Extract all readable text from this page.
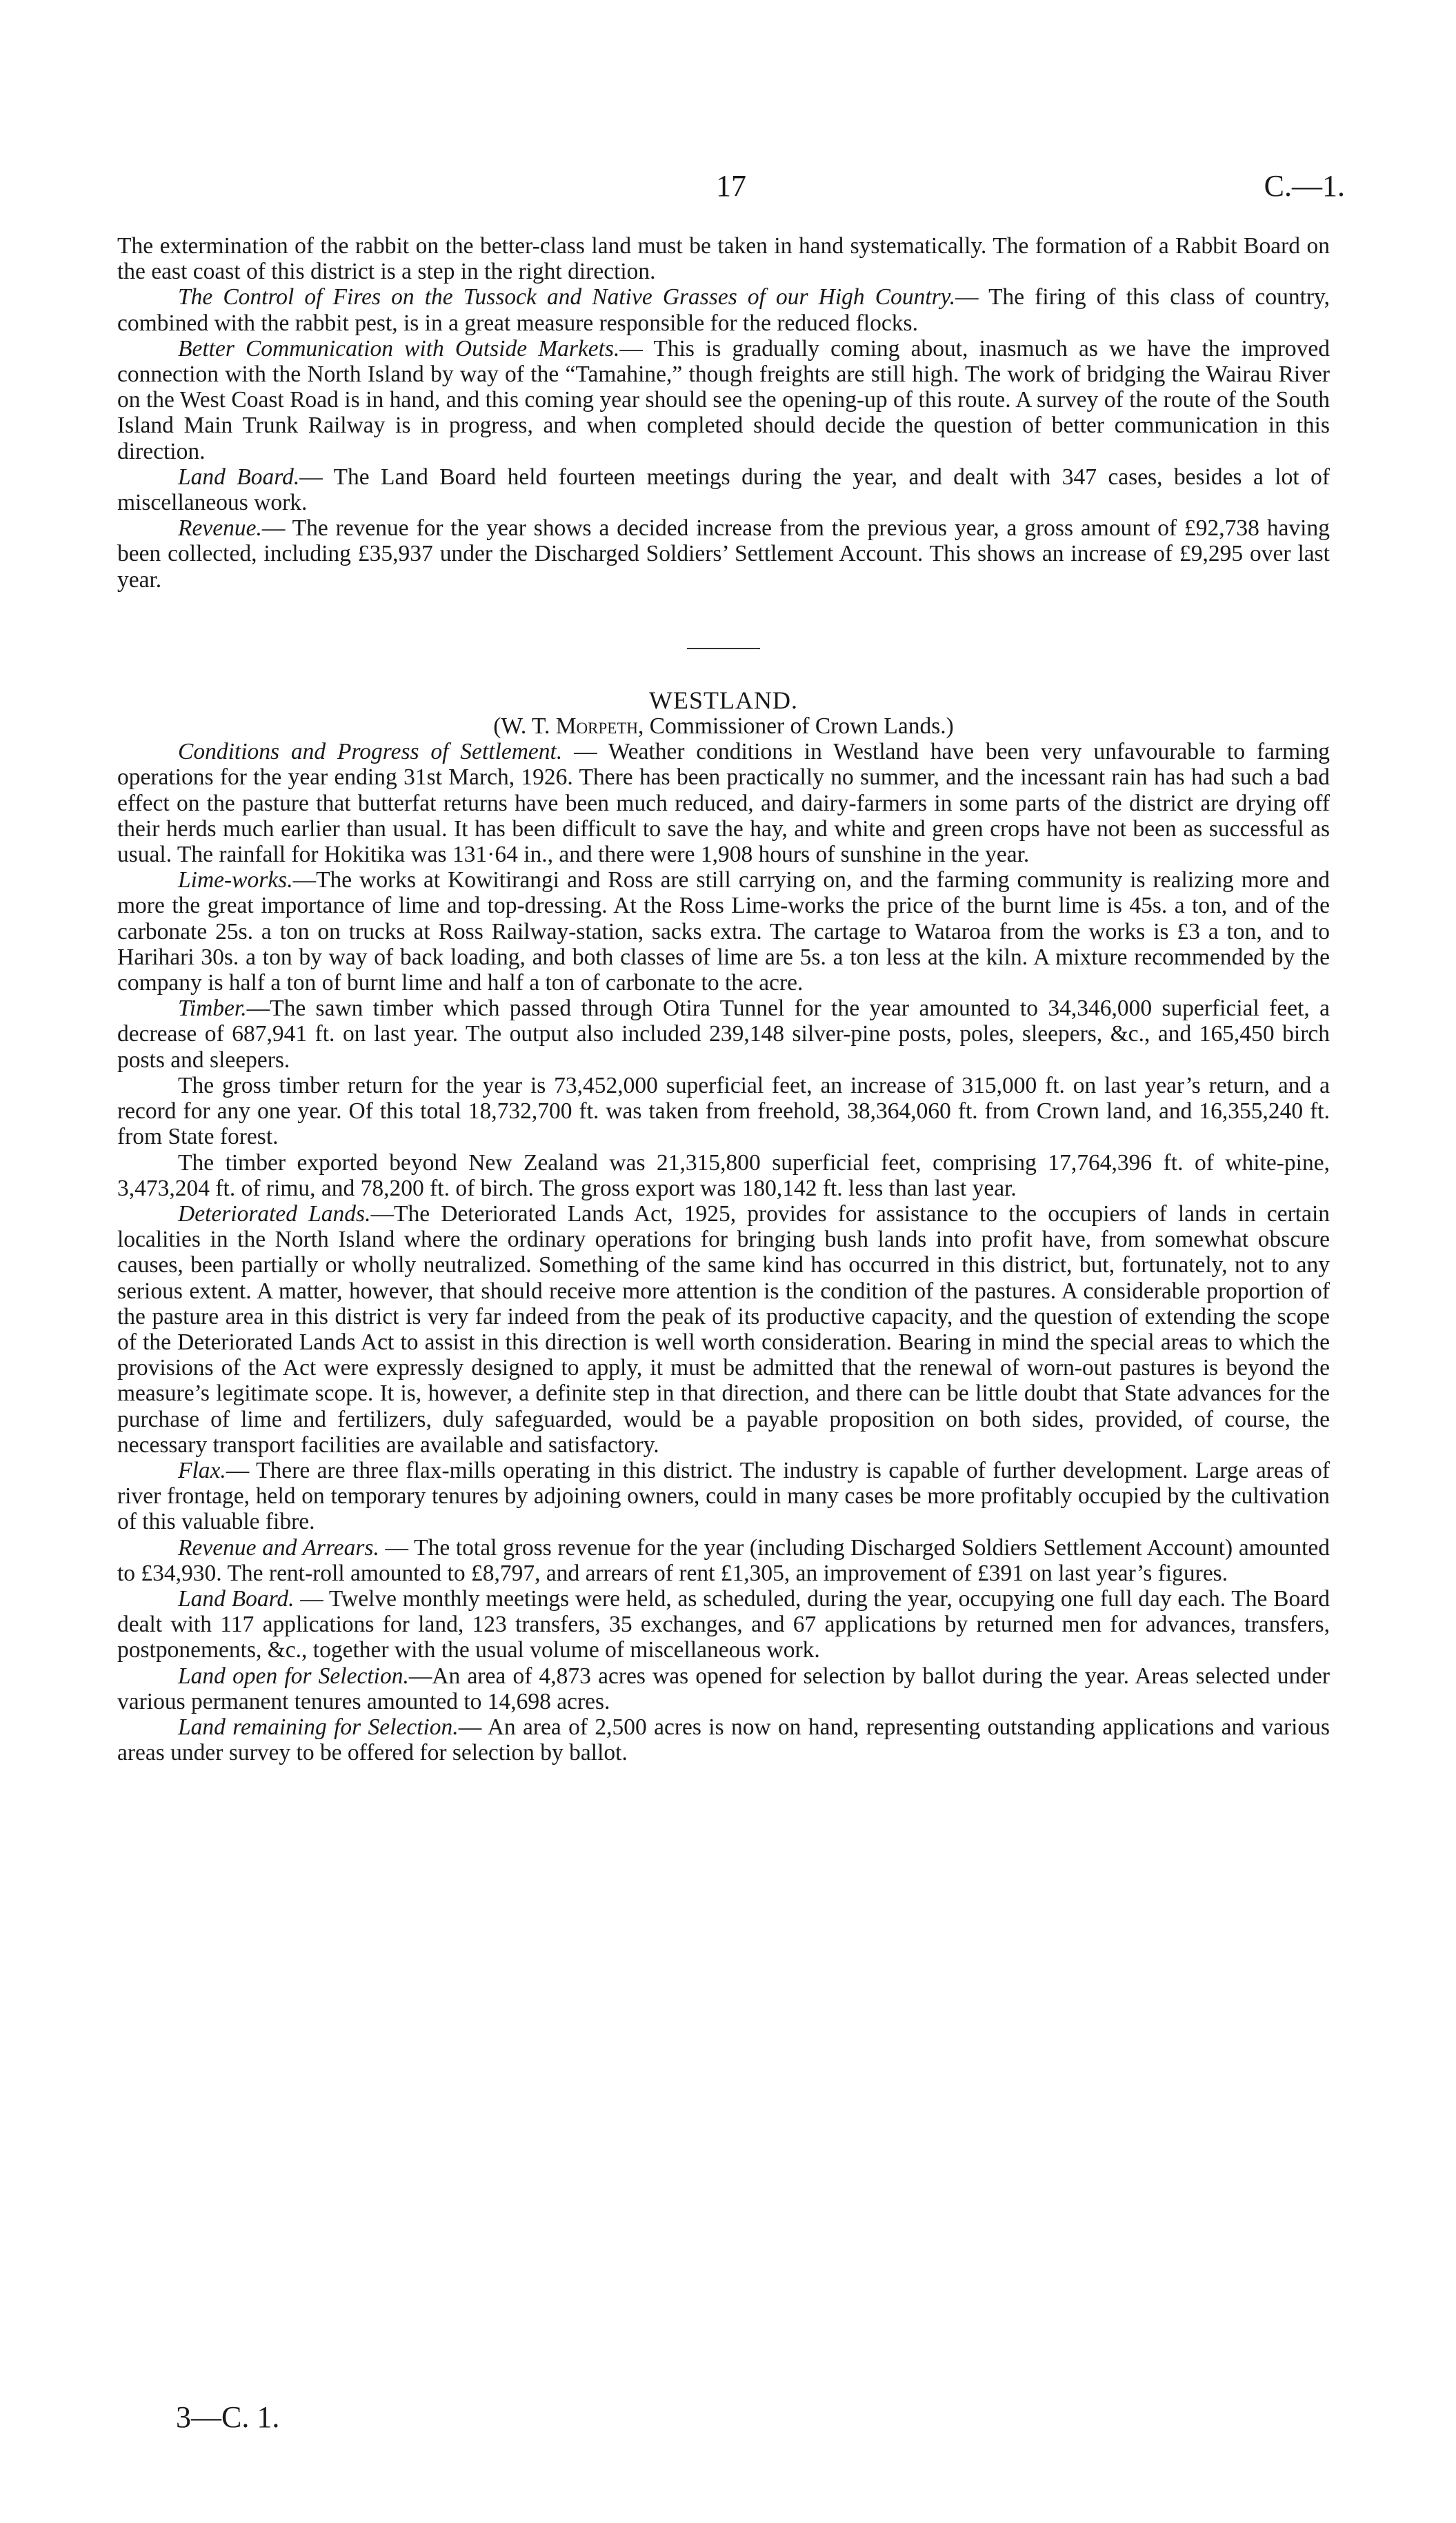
17	C.—1.

The extermination of the rabbit on the better-class land must be taken in hand systematically. The formation of a Rabbit Board on the east coast of this district is a step in the right direction.

The Control of Fires on the Tussock and Native Grasses of our High Country.— The firing of this class of country, combined with the rabbit pest, is in a great measure responsible for the reduced flocks.

Better Communication with Outside Markets.— This is gradually coming about, inasmuch as we have the improved connection with the North Island by way of the “Tamahine,” though freights are still high. The work of bridging the Wairau River on the West Coast Road is in hand, and this coming year should see the opening-up of this route. A survey of the route of the South Island Main Trunk Railway is in progress, and when completed should decide the question of better communication in this direction.

Land Board.— The Land Board held fourteen meetings during the year, and dealt with 347 cases, besides a lot of miscellaneous work.

Revenue.— The revenue for the year shows a decided increase from the previous year, a gross amount of £92,738 having been collected, including £35,937 under the Discharged Soldiers’ Settlement Account. This shows an increase of £9,295 over last year.

WESTLAND.

(W. T. Morpeth, Commissioner of Crown Lands.)

Conditions and Progress of Settlement. — Weather conditions in Westland have been very unfavourable to farming operations for the year ending 31st March, 1926. There has been practically no summer, and the incessant rain has had such a bad effect on the pasture that butterfat returns have been much reduced, and dairy-farmers in some parts of the district are drying off their herds much earlier than usual. It has been difficult to save the hay, and white and green crops have not been as successful as usual. The rainfall for Hokitika was 131·64 in., and there were 1,908 hours of sunshine in the year.

Lime-works.—The works at Kowitirangi and Ross are still carrying on, and the farming community is realizing more and more the great importance of lime and top-dressing. At the Ross Lime-works the price of the burnt lime is 45s. a ton, and of the carbonate 25s. a ton on trucks at Ross Railway-station, sacks extra. The cartage to Wataroa from the works is £3 a ton, and to Harihari 30s. a ton by way of back loading, and both classes of lime are 5s. a ton less at the kiln. A mixture recommended by the company is half a ton of burnt lime and half a ton of carbonate to the acre.

Timber.—The sawn timber which passed through Otira Tunnel for the year amounted to 34,346,000 superficial feet, a decrease of 687,941 ft. on last year. The output also included 239,148 silver-pine posts, poles, sleepers, &c., and 165,450 birch posts and sleepers.

The gross timber return for the year is 73,452,000 superficial feet, an increase of 315,000 ft. on last year’s return, and a record for any one year. Of this total 18,732,700 ft. was taken from freehold, 38,364,060 ft. from Crown land, and 16,355,240 ft. from State forest.

The timber exported beyond New Zealand was 21,315,800 superficial feet, comprising 17,764,396 ft. of white-pine, 3,473,204 ft. of rimu, and 78,200 ft. of birch. The gross export was 180,142 ft. less than last year.

Deteriorated Lands.—The Deteriorated Lands Act, 1925, provides for assistance to the occupiers of lands in certain localities in the North Island where the ordinary operations for bringing bush lands into profit have, from somewhat obscure causes, been partially or wholly neutralized. Something of the same kind has occurred in this district, but, fortunately, not to any serious extent. A matter, however, that should receive more attention is the condition of the pastures. A considerable proportion of the pasture area in this district is very far indeed from the peak of its productive capacity, and the question of extending the scope of the Deteriorated Lands Act to assist in this direction is well worth consideration. Bearing in mind the special areas to which the provisions of the Act were expressly designed to apply, it must be admitted that the renewal of worn-out pastures is beyond the measure’s legitimate scope. It is, however, a definite step in that direction, and there can be little doubt that State advances for the purchase of lime and fertilizers, duly safeguarded, would be a payable proposition on both sides, provided, of course, the necessary transport facilities are available and satisfactory.

Flax.— There are three flax-mills operating in this district. The industry is capable of further development. Large areas of river frontage, held on temporary tenures by adjoining owners, could in many cases be more profitably occupied by the cultivation of this valuable fibre.

Revenue and Arrears. — The total gross revenue for the year (including Discharged Soldiers Settlement Account) amounted to £34,930. The rent-roll amounted to £8,797, and arrears of rent £1,305, an improvement of £391 on last year’s figures.

Land Board. — Twelve monthly meetings were held, as scheduled, during the year, occupying one full day each. The Board dealt with 117 applications for land, 123 transfers, 35 exchanges, and 67 applications by returned men for advances, transfers, postponements, &c., together with the usual volume of miscellaneous work.

Land open for Selection.—An area of 4,873 acres was opened for selection by ballot during the year. Areas selected under various permanent tenures amounted to 14,698 acres.

Land remaining for Selection.— An area of 2,500 acres is now on hand, representing outstanding applications and various areas under survey to be offered for selection by ballot.

3—C. 1.
